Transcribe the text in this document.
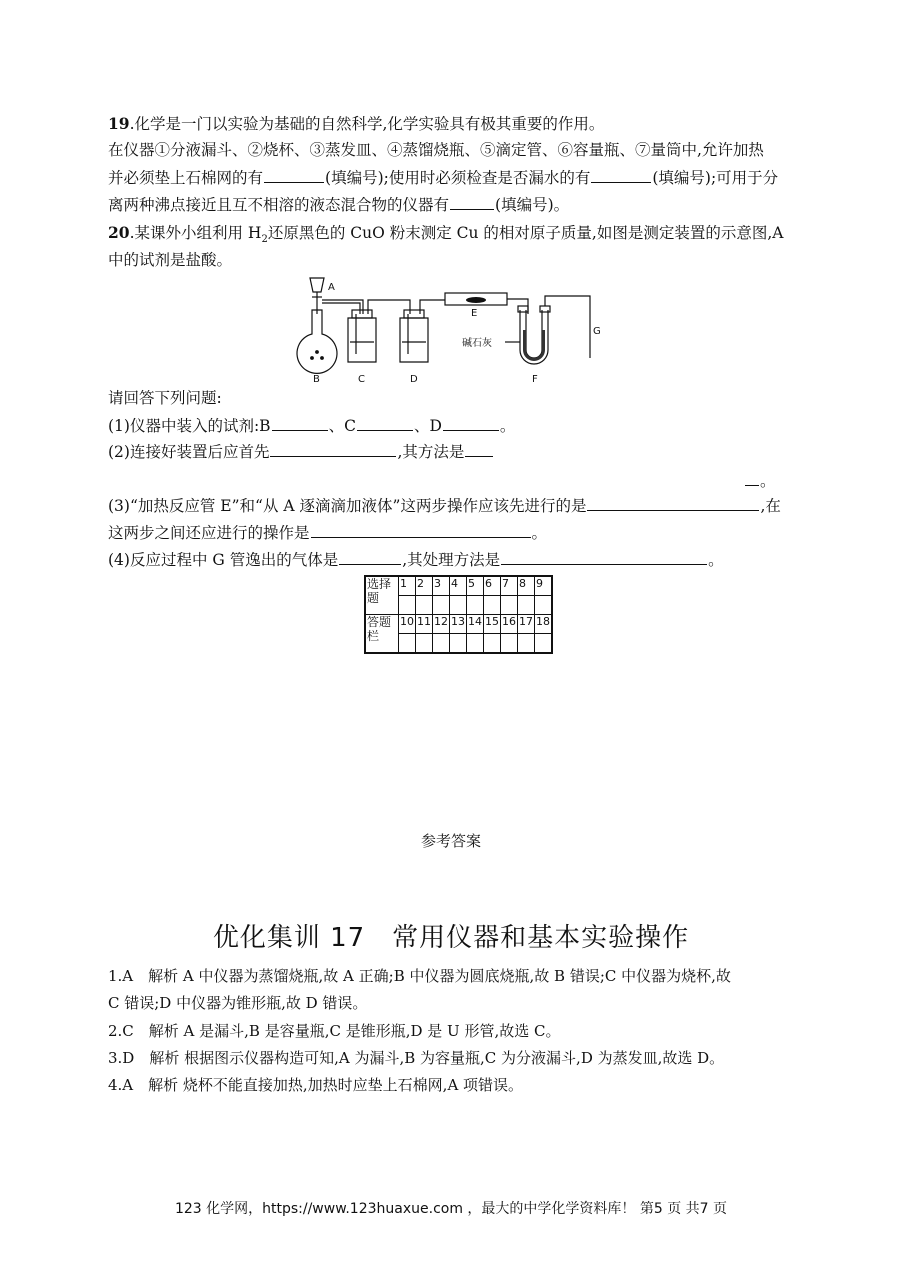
19.化学是一门以实验为基础的自然科学,化学实验具有极其重要的作用。
在仪器①分液漏斗、②烧杯、③蒸发皿、④蒸馏烧瓶、⑤滴定管、⑥容量瓶、⑦量筒中,允许加热
并必须垫上石棉网的有	(填编号);使用时必须检查是否漏水的有	(填编号);可用于分
离两种沸点接近且互不相溶的液态混合物的仪器有	(填编号)。
20.某课外小组利用 $H_2$还原黑色的 CuO 粉末测定 Cu 的相对原子质量,如图是测定装置的示意图,A
中的试剂是盐酸。
A
B	C	D
E
F
G
碱石灰
请回答下列问题:
(1)仪器中装入的试剂:B	、C	、D	。
(2)连接好装置后应首先	,其方法是
。
(3)“加热反应管 E”和“从 A 逐滴滴加液体”这两步操作应该先进行的是	,在
这两步之间还应进行的操作是	。
(4)反应过程中 G 管逸出的气体是	,其处理方法是	。
选择题	1	2	3	4	5	6	7	8	9

答题栏	10	11	12	13	14	15	16	17	18

参考答案
优化集训 17　常用仪器和基本实验操作
1.A　解析 A 中仪器为蒸馏烧瓶,故 A 正确;B 中仪器为圆底烧瓶,故 B 错误;C 中仪器为烧杯,故
C 错误;D 中仪器为锥形瓶,故 D 错误。
2.C　解析 A 是漏斗,B 是容量瓶,C 是锥形瓶,D 是 U 形管,故选 C。
3.D　解析 根据图示仪器构造可知,A 为漏斗,B 为容量瓶,C 为分液漏斗,D 为蒸发皿,故选 D。
4.A　解析 烧杯不能直接加热,加热时应垫上石棉网,A 项错误。
123 化学网，https://www.123huaxue.com ，最大的中学化学资料库！ 第5 页 共7 页
